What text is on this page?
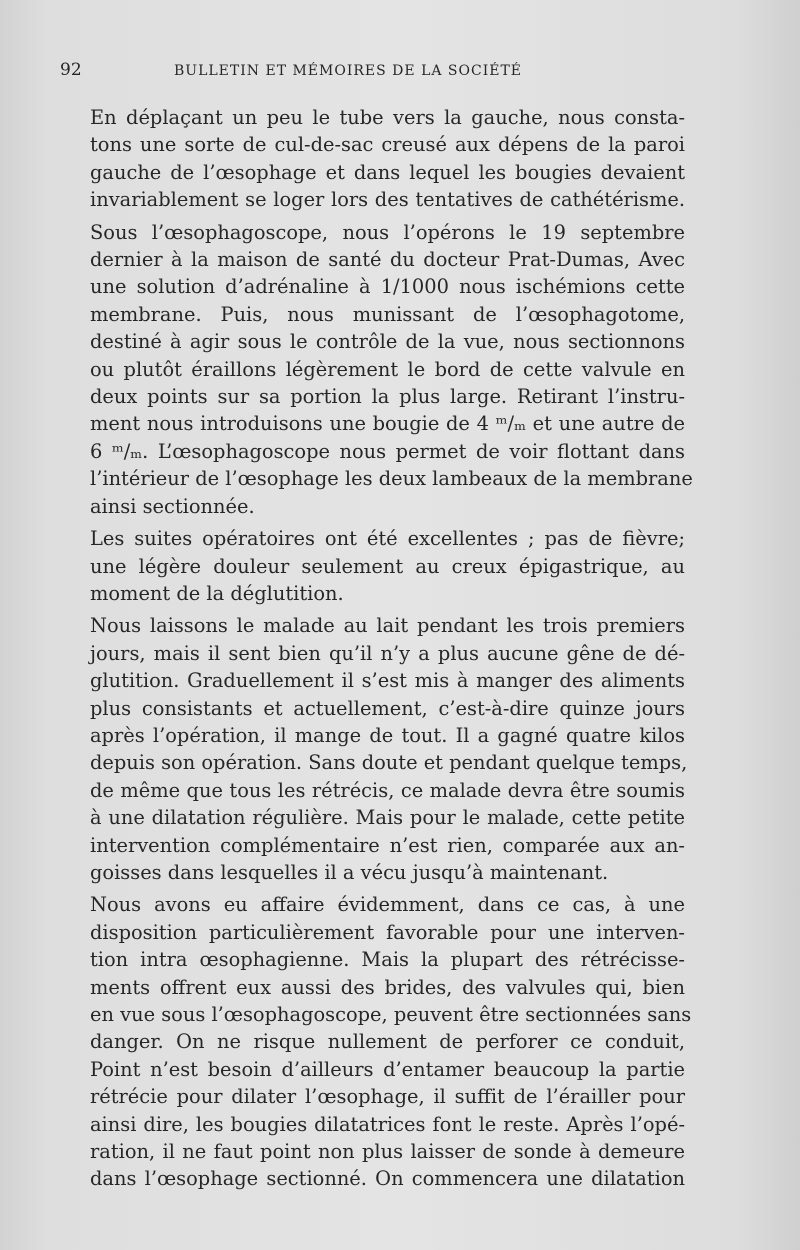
92	BULLETIN ET MÉMOIRES DE LA SOCIÉTÉ

En déplaçant un peu le tube vers la gauche, nous consta-
tons une sorte de cul-de-sac creusé aux dépens de la paroi
gauche de l’œsophage et dans lequel les bougies devaient
invariablement se loger lors des tentatives de cathétérisme.

Sous l’œsophagoscope, nous l’opérons le 19 septembre
dernier à la maison de santé du docteur Prat-Dumas, Avec
une solution d’adrénaline à 1/1000 nous ischémions cette
membrane. Puis, nous munissant de l’œsophagotome,
destiné à agir sous le contrôle de la vue, nous sectionnons
ou plutôt éraillons légèrement le bord de cette valvule en
deux points sur sa portion la plus large. Retirant l’instru-
ment nous introduisons une bougie de 4 ᵐ/ₘ et une autre de
6 ᵐ/ₘ. L’œsophagoscope nous permet de voir flottant dans
l’intérieur de l’œsophage les deux lambeaux de la membrane
ainsi sectionnée.

Les suites opératoires ont été excellentes ; pas de fièvre;
une légère douleur seulement au creux épigastrique, au
moment de la déglutition.

Nous laissons le malade au lait pendant les trois premiers
jours, mais il sent bien qu’il n’y a plus aucune gêne de dé-
glutition. Graduellement il s’est mis à manger des aliments
plus consistants et actuellement, c’est-à-dire quinze jours
après l’opération, il mange de tout. Il a gagné quatre kilos
depuis son opération. Sans doute et pendant quelque temps,
de même que tous les rétrécis, ce malade devra être soumis
à une dilatation régulière. Mais pour le malade, cette petite
intervention complémentaire n’est rien, comparée aux an-
goisses dans lesquelles il a vécu jusqu’à maintenant.

Nous avons eu affaire évidemment, dans ce cas, à une
disposition particulièrement favorable pour une interven-
tion intra œsophagienne. Mais la plupart des rétrécisse-
ments offrent eux aussi des brides, des valvules qui, bien
en vue sous l’œsophagoscope, peuvent être sectionnées sans
danger. On ne risque nullement de perforer ce conduit,
Point n’est besoin d’ailleurs d’entamer beaucoup la partie
rétrécie pour dilater l’œsophage, il suffit de l’érailler pour
ainsi dire, les bougies dilatatrices font le reste. Après l’opé-
ration, il ne faut point non plus laisser de sonde à demeure
dans l’œsophage sectionné. On commencera une dilatation
